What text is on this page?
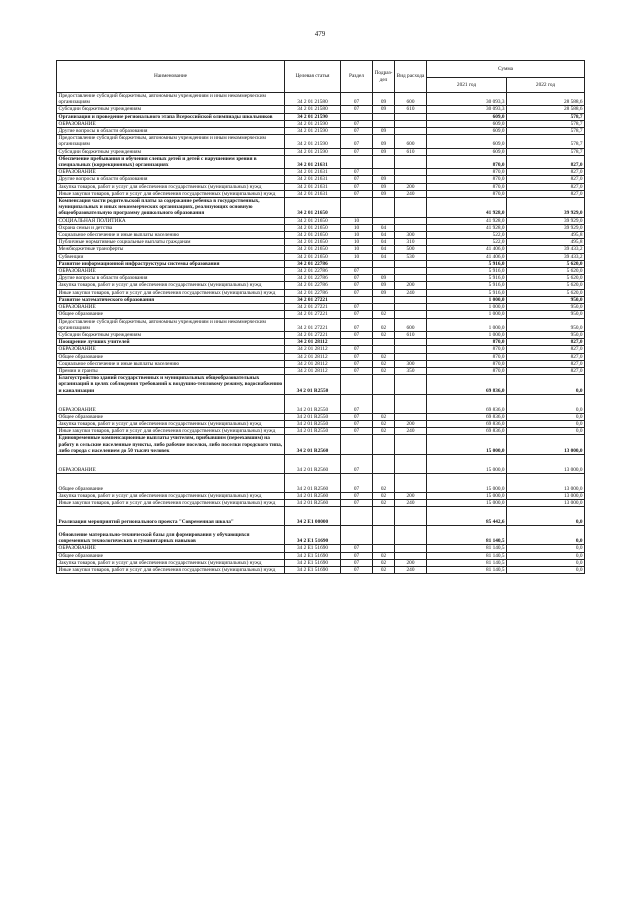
479
Наименование	Целевая статья	Раздел	Подраз-дел	Вид расхода	Сумма	
					2021 год	2022 год
Предоставление субсидий бюджетным, автономным учреждениям и иным некоммерческим организациям	34 2 01 21580	07	09	600	30 093,3	28 588,6
Субсидии бюджетным учреждениям	34 2 01 21580	07	09	610	30 093,3	28 588,6
Организация и проведение регионального этапа Всероссийской олимпиады школьников	34 2 01 21590				609,0	578,7
ОБРАЗОВАНИЕ	34 2 01 21590	07			609,0	578,7
Другие вопросы в области образования	34 2 01 21590	07	09		609,0	578,7
Предоставление субсидий бюджетным, автономным учреждениям и иным некоммерческим организациям	34 2 01 21590	07	09	600	609,0	578,7
Субсидии бюджетным учреждениям	34 2 01 21590	07	09	610	609,0	578,7
Обеспечение пребывания и обучения слепых детей и детей с нарушением зрения в специальных (коррекционных) организациях	34 2 01 21631				870,0	827,0
ОБРАЗОВАНИЕ	34 2 01 21631	07			870,0	827,0
Другие вопросы в области образования	34 2 01 21631	07	09		870,0	827,0
Закупка товаров, работ и услуг для обеспечения государственных (муниципальных) нужд	34 2 01 21631	07	09	200	870,0	827,0
Иные закупки товаров, работ и услуг для обеспечения государственных (муниципальных) нужд	34 2 01 21631	07	09	240	870,0	827,0
Компенсация части родительской платы за содержание ребенка в государственных, муниципальных и иных некоммерческих организациях, реализующих основную общеобразовательную программу дошкольного образования	34 2 01 21650				41 928,0	39 929,0
СОЦИАЛЬНАЯ ПОЛИТИКА	34 2 01 21650	10			41 928,0	39 929,0
Охрана семьи и детства	34 2 01 21650	10	04		41 928,0	39 929,0
Социальное обеспечение и иные выплаты населению	34 2 01 21650	10	04	300	522,0	495,8
Публичные нормативные социальные выплаты гражданам	34 2 01 21650	10	04	310	522,0	495,8
Межбюджетные трансферты	34 2 01 21650	10	04	500	41 406,0	39 433,2
Субвенции	34 2 01 21650	10	04	530	41 406,0	39 433,2
Развитие информационной инфраструктуры системы образования	34 2 01 22786				5 916,0	5 620,0
ОБРАЗОВАНИЕ	34 2 01 22786	07			5 916,0	5 620,0
Другие вопросы в области образования	34 2 01 22786	07	09		5 916,0	5 620,0
Закупка товаров, работ и услуг для обеспечения государственных (муниципальных) нужд	34 2 01 22786	07	09	200	5 916,0	5 620,0
Иные закупки товаров, работ и услуг для обеспечения государственных (муниципальных) нужд	34 2 01 22786	07	09	240	5 916,0	5 620,0
Развитие математического образования	34 2 01 27221				1 000,0	950,0
ОБРАЗОВАНИЕ	34 2 01 27221	07			1 000,0	950,0
Общее образование	34 2 01 27221	07	02		1 000,0	950,0
Предоставление субсидий бюджетным, автономным учреждениям и иным некоммерческим организациям	34 2 01 27221	07	02	600	1 000,0	950,0
Субсидии бюджетным учреждениям	34 2 01 27221	07	02	610	1 000,0	950,0
Поощрение лучших учителей	34 2 01 28112				870,0	827,0
ОБРАЗОВАНИЕ	34 2 01 28112	07			870,0	827,0
Общее образование	34 2 01 28112	07	02		870,0	827,0
Социальное обеспечение и иные выплаты населению	34 2 01 28112	07	02	300	870,0	827,0
Премии и гранты	34 2 01 28112	07	02	350	870,0	827,0
Благоустройство зданий государственных и муниципальных общеобразовательных организаций в целях соблюдения требований к воздушно-тепловому режиму, водоснабжению и канализации	34 2 01 R2550				69 836,0	0,0
ОБРАЗОВАНИЕ	34 2 01 R2550	07			69 836,0	0,0
Общее образование	34 2 01 R2550	07	02		69 836,0	0,0
Закупка товаров, работ и услуг для обеспечения государственных (муниципальных) нужд	34 2 01 R2550	07	02	200	69 836,0	0,0
Иные закупки товаров, работ и услуг для обеспечения государственных (муниципальных) нужд	34 2 01 R2550	07	02	240	69 836,0	0,0
Единовременные компенсационные выплаты учителям, прибывшим (переехавшим) на работу в сельские населенные пункты, либо рабочие поселки, либо поселки городского типа, либо города с населением до 50 тысяч человек	34 2 01 R2560				15 000,0	13 000,0
ОБРАЗОВАНИЕ	34 2 01 R2560	07			15 000,0	13 000,0
Общее образование	34 2 01 R2560	07	02		15 000,0	13 000,0
Закупка товаров, работ и услуг для обеспечения государственных (муниципальных) нужд	34 2 01 R2560	07	02	200	15 000,0	13 000,0
Иные закупки товаров, работ и услуг для обеспечения государственных (муниципальных) нужд	34 2 01 R2560	07	02	240	15 000,0	13 000,0
Реализация мероприятий регионального проекта "Современная школа"	34 2 E1 00000				85 442,6	0,0
Обновление материально-технической базы для формирования у обучающихся современных технологических и гуманитарных навыков	34 2 E1 51690				81 140,5	0,0
ОБРАЗОВАНИЕ	34 2 E1 51690	07			81 140,5	0,0
Общее образование	34 2 E1 51690	07	02		81 140,5	0,0
Закупка товаров, работ и услуг для обеспечения государственных (муниципальных) нужд	34 2 E1 51690	07	02	200	81 140,5	0,0
Иные закупки товаров, работ и услуг для обеспечения государственных (муниципальных) нужд	34 2 E1 51690	07	02	240	81 140,5	0,0
